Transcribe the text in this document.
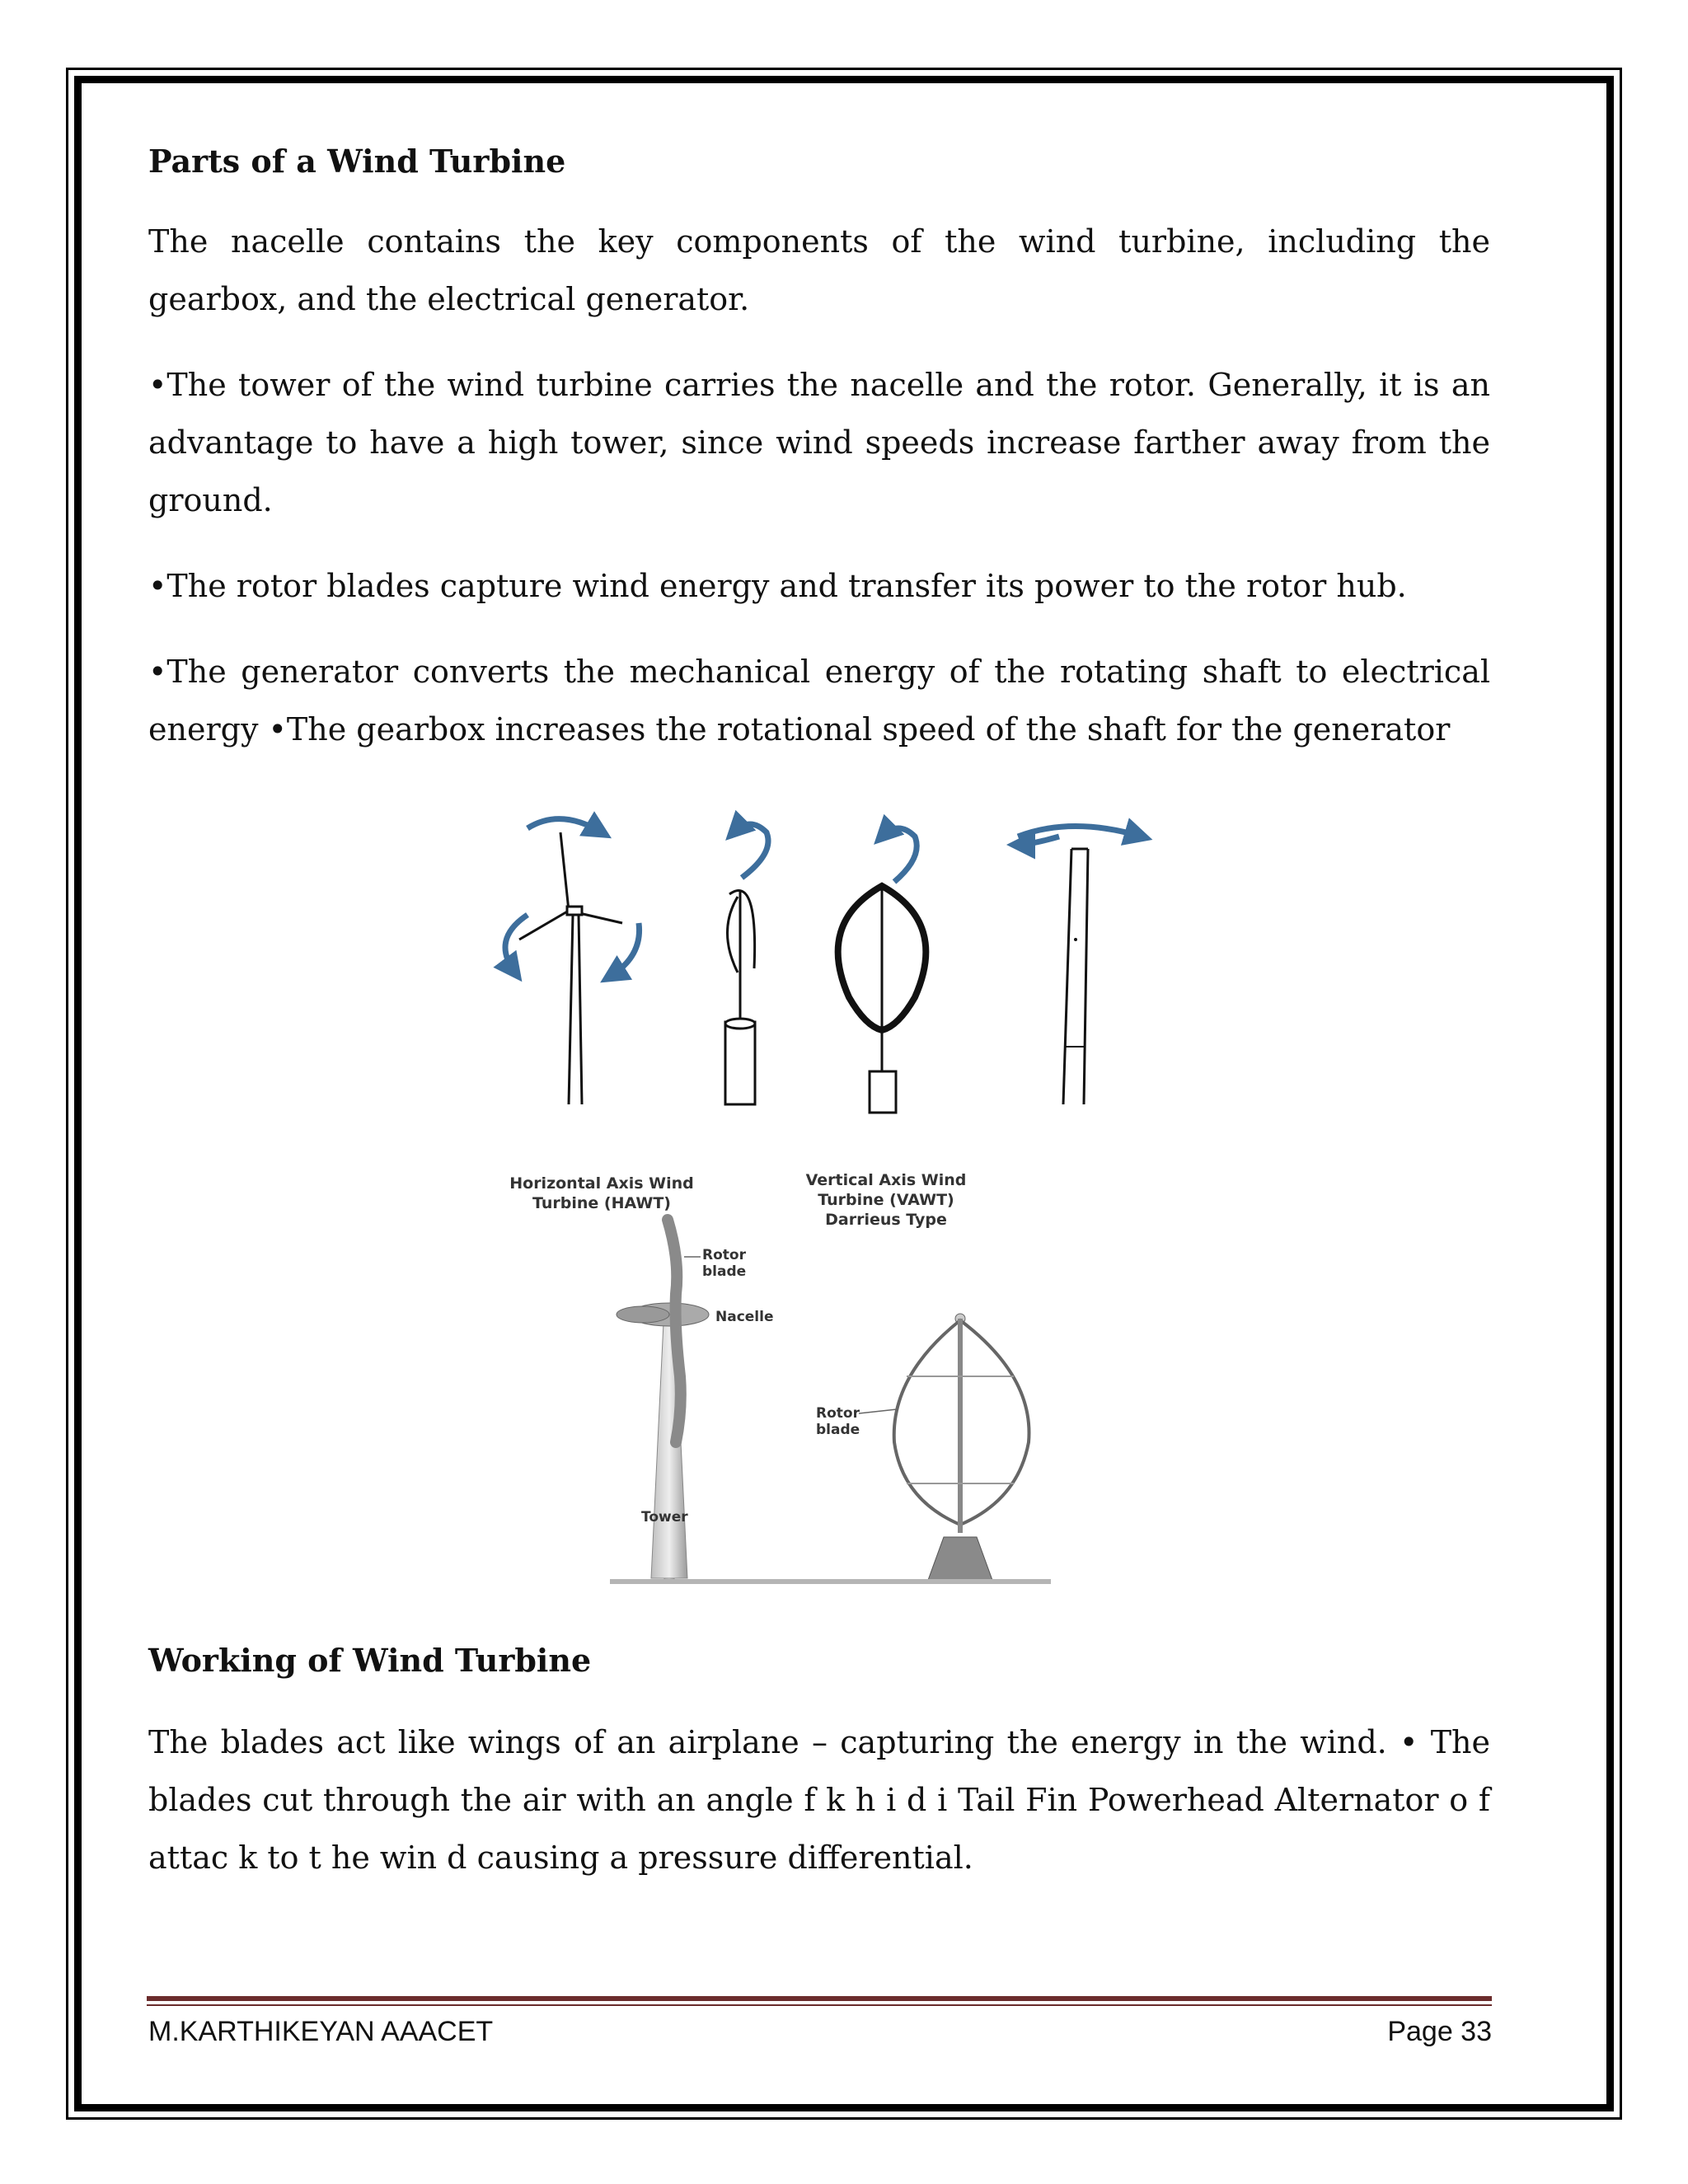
Parts of a Wind Turbine

The nacelle contains the key components of the wind turbine, including the gearbox, and the electrical generator.

•The tower of the wind turbine carries the nacelle and the rotor. Generally, it is an advantage to have a high tower, since wind speeds increase farther away from the ground.

•The rotor blades capture wind energy and transfer its power to the rotor hub.

•The generator converts the mechanical energy of the rotating shaft to electrical energy •The gearbox increases the rotational speed of the shaft for the generator

Horizontal Axis Wind
Turbine (HAWT)
Vertical Axis Wind
Turbine (VAWT)
Darrieus Type
Rotor
blade
Nacelle
Tower
Rotor
blade
Working of Wind Turbine

The blades act like wings of an airplane – capturing the energy in the wind. • The blades cut through the air with an angle f k h i d i Tail Fin Powerhead Alternator o f attac k to t he win d causing a pressure differential.

M.KARTHIKEYAN AAACET	Page 33
